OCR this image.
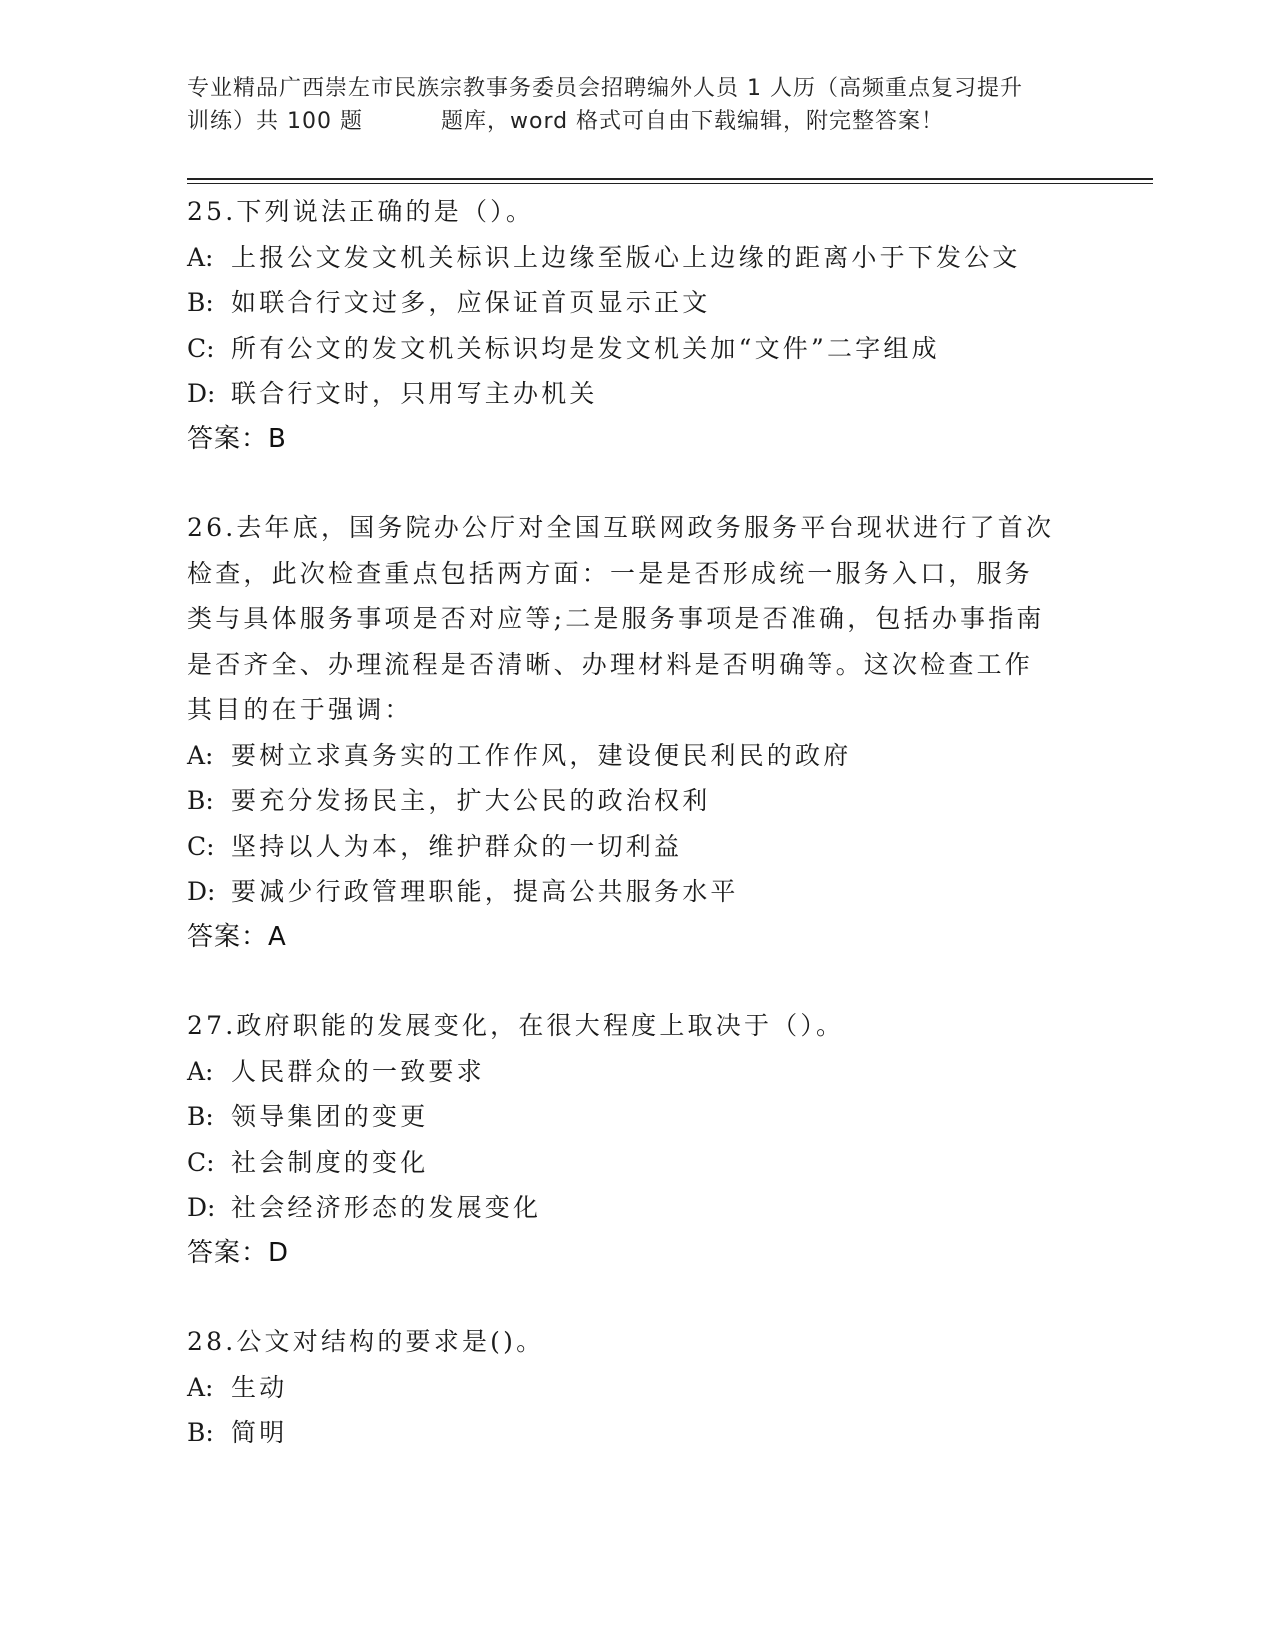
专业精品广西崇左市民族宗教事务委员会招聘编外人员 1 人历（高频重点复习提升
训练）共 100 题	题库，word 格式可自由下载编辑，附完整答案！

25.下列说法正确的是（）。

A: 上报公文发文机关标识上边缘至版心上边缘的距离小于下发公文

B: 如联合行文过多，应保证首页显示正文

C: 所有公文的发文机关标识均是发文机关加“文件”二字组成

D: 联合行文时，只用写主办机关

答案：B

26.去年底，国务院办公厅对全国互联网政务服务平台现状进行了首次

检查，此次检查重点包括两方面：一是是否形成统一服务入口，服务

类与具体服务事项是否对应等;二是服务事项是否准确，包括办事指南

是否齐全、办理流程是否清晰、办理材料是否明确等。这次检查工作

其目的在于强调：

A: 要树立求真务实的工作作风，建设便民利民的政府

B: 要充分发扬民主，扩大公民的政治权利

C: 坚持以人为本，维护群众的一切利益

D: 要减少行政管理职能，提高公共服务水平

答案：A

27.政府职能的发展变化，在很大程度上取决于（）。

A: 人民群众的一致要求

B: 领导集团的变更

C: 社会制度的变化

D: 社会经济形态的发展变化

答案：D

28.公文对结构的要求是()。

A: 生动

B: 简明
